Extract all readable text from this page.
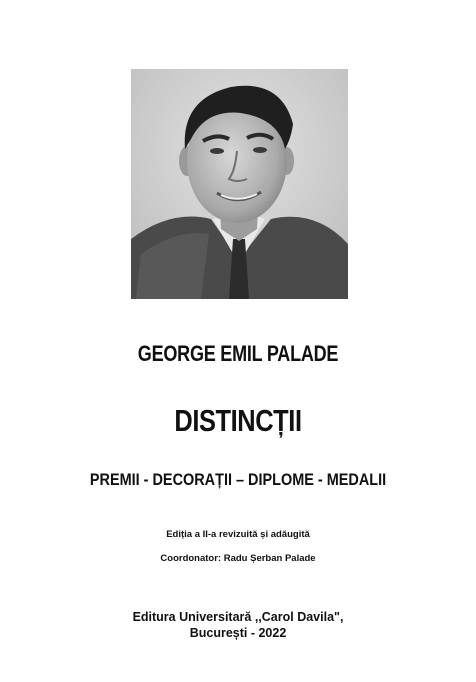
GEORGE EMIL PALADE
DISTINCȚII
PREMII - DECORAȚII – DIPLOME - MEDALII
Ediția a II-a revizuită și adăugită
Coordonator: Radu Șerban Palade
Editura Universitară ,,Carol Davila",
București - 2022
